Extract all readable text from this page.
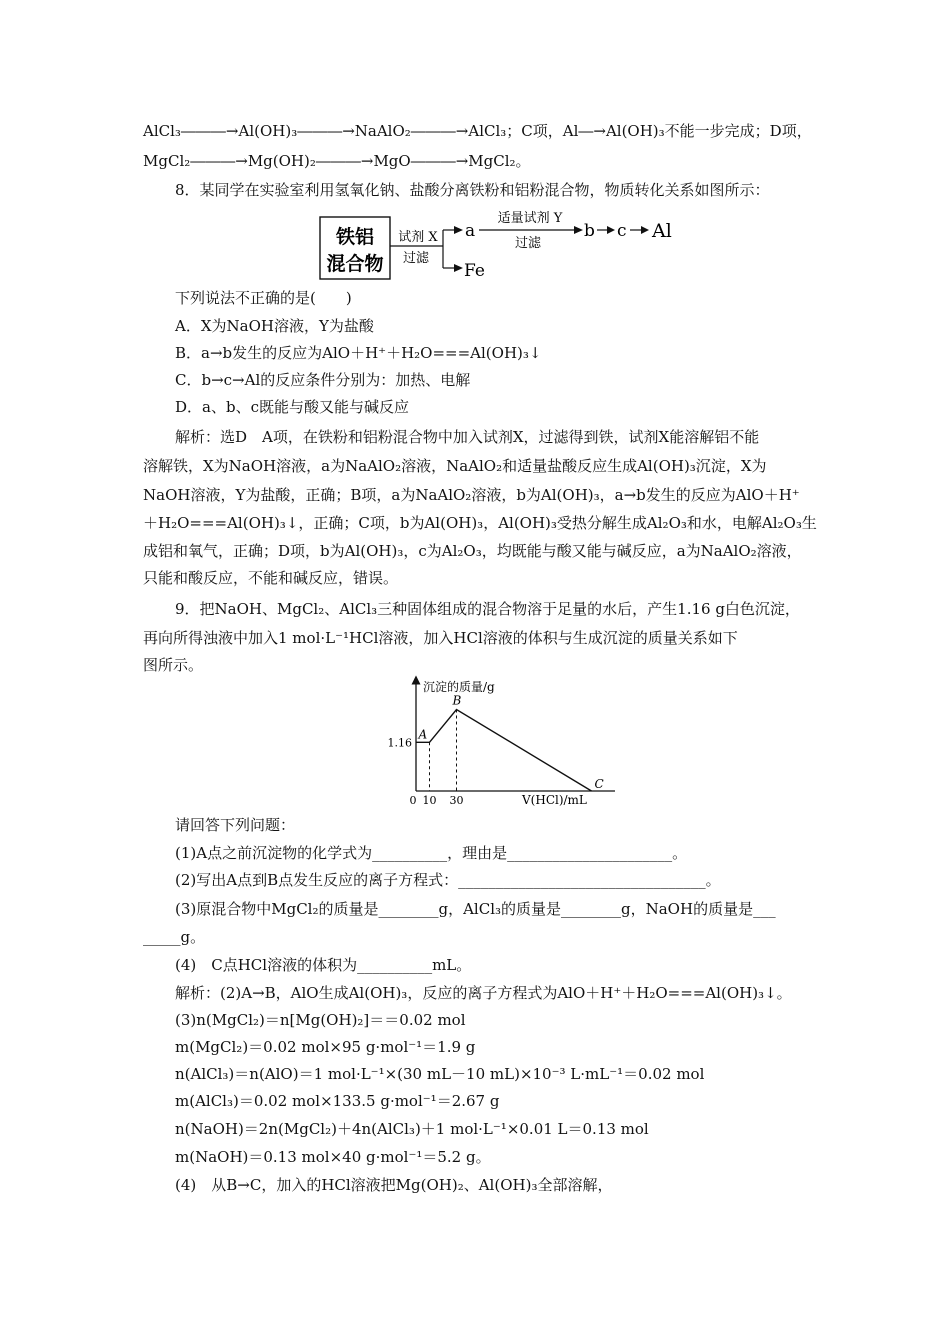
AlCl₃―――→Al(OH)₃―――→NaAlO₂―――→AlCl₃；C项，Al―→Al(OH)₃不能一步完成；D项，
MgCl₂―――→Mg(OH)₂―――→MgO―――→MgCl₂。
8．某同学在实验室利用氢氧化钠、盐酸分离铁粉和铝粉混合物，物质转化关系如图所示：
铁铝
混合物
试剂 X
过滤
a
Fe
适量试剂 Y
过滤
b c Al
下列说法不正确的是(　　)
A．X为NaOH溶液，Y为盐酸
B．a→b发生的反应为AlO＋H⁺＋H₂O===Al(OH)₃↓
C．b→c→Al的反应条件分别为：加热、电解
D．a、b、c既能与酸又能与碱反应
解析：选D　A项，在铁粉和铝粉混合物中加入试剂X，过滤得到铁，试剂X能溶解铝不能
溶解铁，X为NaOH溶液，a为NaAlO₂溶液，NaAlO₂和适量盐酸反应生成Al(OH)₃沉淀，X为
NaOH溶液，Y为盐酸，正确；B项，a为NaAlO₂溶液，b为Al(OH)₃，a→b发生的反应为AlO＋H⁺
＋H₂O===Al(OH)₃↓，正确；C项，b为Al(OH)₃，Al(OH)₃受热分解生成Al₂O₃和水，电解Al₂O₃生
成铝和氧气，正确；D项，b为Al(OH)₃，c为Al₂O₃，均既能与酸又能与碱反应，a为NaAlO₂溶液，
只能和酸反应，不能和碱反应，错误。
9．把NaOH、MgCl₂、AlCl₃三种固体组成的混合物溶于足量的水后，产生1.16 g白色沉淀，
再向所得浊液中加入1 mol·L⁻¹HCl溶液，加入HCl溶液的体积与生成沉淀的质量关系如下
图所示。
沉淀的质量/g
V(HCl)/mL
A
B
C
1.16
0 10 30
请回答下列问题：
(1)A点之前沉淀物的化学式为__________，理由是______________________。
(2)写出A点到B点发生反应的离子方程式：_________________________________。
(3)原混合物中MgCl₂的质量是________g，AlCl₃的质量是________g，NaOH的质量是___
_____g。
(4)　C点HCl溶液的体积为__________mL。
解析：(2)A→B，AlO生成Al(OH)₃，反应的离子方程式为AlO＋H⁺＋H₂O===Al(OH)₃↓。
(3)n(MgCl₂)＝n[Mg(OH)₂]＝＝0.02 mol
m(MgCl₂)＝0.02 mol×95 g·mol⁻¹＝1.9 g
n(AlCl₃)＝n(AlO)＝1 mol·L⁻¹×(30 mL－10 mL)×10⁻³ L·mL⁻¹＝0.02 mol
m(AlCl₃)＝0.02 mol×133.5 g·mol⁻¹＝2.67 g
n(NaOH)＝2n(MgCl₂)＋4n(AlCl₃)＋1 mol·L⁻¹×0.01 L＝0.13 mol
m(NaOH)＝0.13 mol×40 g·mol⁻¹＝5.2 g。
(4)　从B→C，加入的HCl溶液把Mg(OH)₂、Al(OH)₃全部溶解，
